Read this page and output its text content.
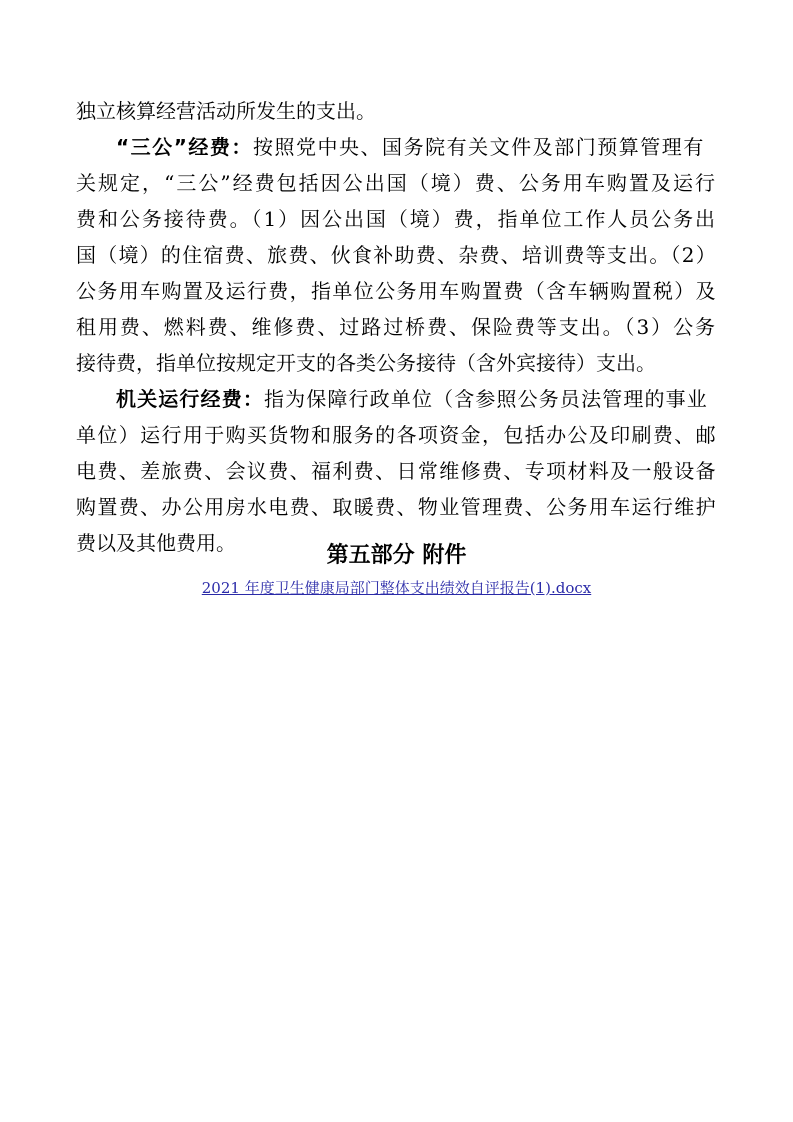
独立核算经营活动所发生的支出。
“三公”经费：按照党中央、国务院有关文件及部门预算管理有
关规定，“三公”经费包括因公出国（境）费、公务用车购置及运行
费和公务接待费。（1）因公出国（境）费，指单位工作人员公务出
国（境）的住宿费、旅费、伙食补助费、杂费、培训费等支出。（2）
公务用车购置及运行费，指单位公务用车购置费（含车辆购置税）及
租用费、燃料费、维修费、过路过桥费、保险费等支出。（3）公务
接待费，指单位按规定开支的各类公务接待（含外宾接待）支出。
机关运行经费：指为保障行政单位（含参照公务员法管理的事业
单位）运行用于购买货物和服务的各项资金，包括办公及印刷费、邮
电费、差旅费、会议费、福利费、日常维修费、专项材料及一般设备
购置费、办公用房水电费、取暖费、物业管理费、公务用车运行维护
费以及其他费用。	第五部分 附件
2021 年度卫生健康局部门整体支出绩效自评报告(1).docx
